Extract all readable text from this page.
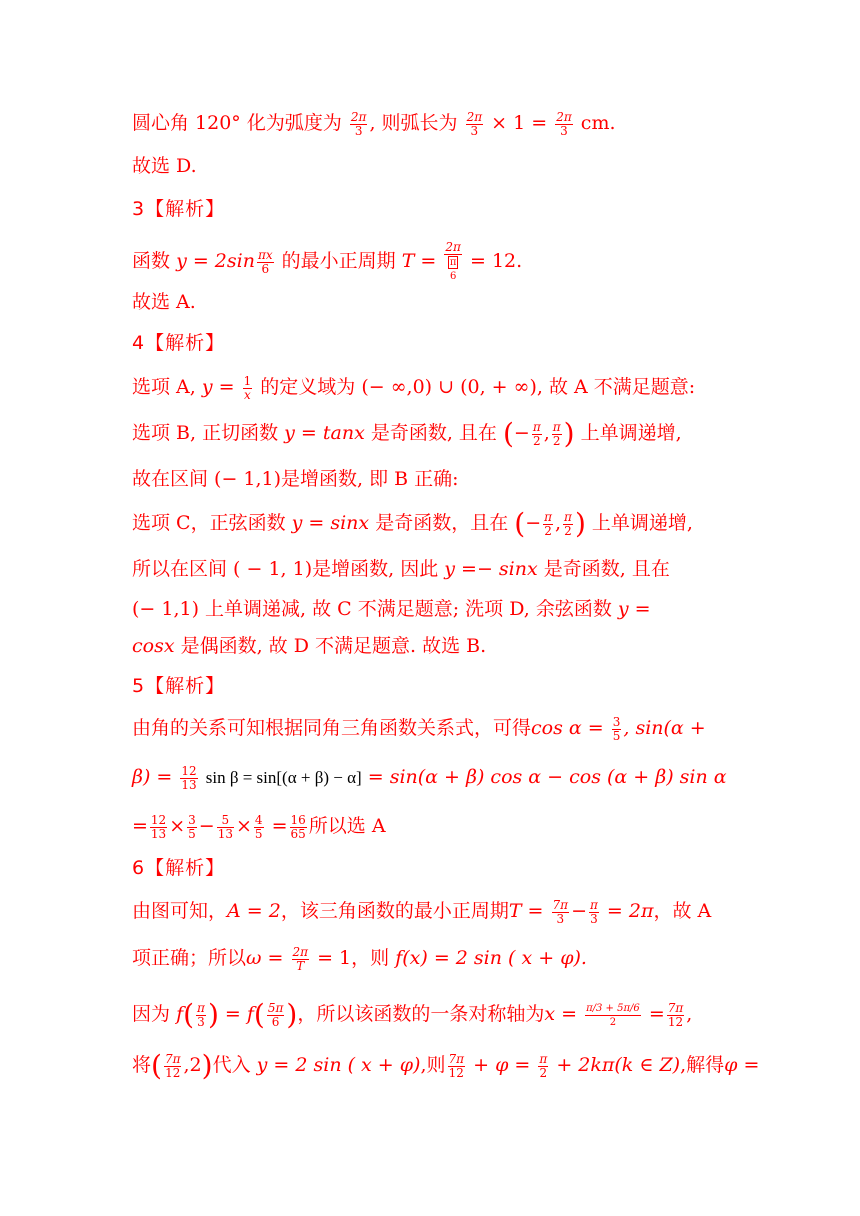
圆心角 120° 化为弧度为 $\frac{2\pi}{3}$ , 则弧长为 $\frac{2\pi}{3} \times 1 = \frac{2\pi}{3}$ cm.
故选 D.
3【解析】
函数 $y = 2\sin \frac{\pi x}{6}$ 的最小正周期 T =
2π
π
6
= 12.
故选 A.
4【解析】
选项 A, $y = \frac{1}{x}$ 的定义域为 (− ∞,0) ∪ (0, + ∞), 故 A 不满足题意:
选项 B, 正切函数 y = tanx 是奇函数, 且在 (− $\frac{\pi}{2}$ , $\frac{\pi}{2}$ ) 上单调递增,
故在区间 (− 1,1)是增函数, 即 B 正确:
选项 C，正弦函数 y = sinx 是奇函数，且在 (− $\frac{\pi}{2}$ , $\frac{\pi}{2}$ ) 上单调递增,
所以在区间 ( − 1, 1)是增函数, 因此 y =− sinx 是奇函数, 且在
(− 1,1) 上单调递减, 故 C 不满足题意; 洗项 D, 余弦函数 y =
cosx 是偶函数, 故 D 不满足题意. 故选 B.
5【解析】
由角的关系可知根据同角三角函数关系式，可得$\cos \alpha = \frac{3}{5}$ , sin(α +
$\beta) = \frac{12}{13}$ sin β = sin[(α + β) − α] = sin(α + β) cos α − cos (α + β) sin α
= $\frac{12}{13} \times \frac{3}{5} - \frac{5}{13} \times \frac{4}{5} = \frac{16}{65}$ 所以选 A
6【解析】
由图可知，A = 2，该三角函数的最小正周期$T = \frac{7\pi}{3} - \frac{\pi}{3} = 2\pi$，故 A
项正确；所以$\omega = \frac{2\pi}{T} = 1$，则 f(x) = 2 sin ( x + φ).
因为 $f( \frac{\pi}{3}$ ) = $f( \frac{5\pi}{6}$ )，所以该函数的一条对称轴为$x = \frac{\pi/3 + 5\pi/6}{2} = \frac{7\pi}{12}$ ,
将( $\frac{7\pi}{12} ,2$)代入 y = 2 sin ( x + φ),则 $\frac{7\pi}{12} + \varphi = \frac{\pi}{2} + 2k\pi(k$ ∈ Z),解得φ =
